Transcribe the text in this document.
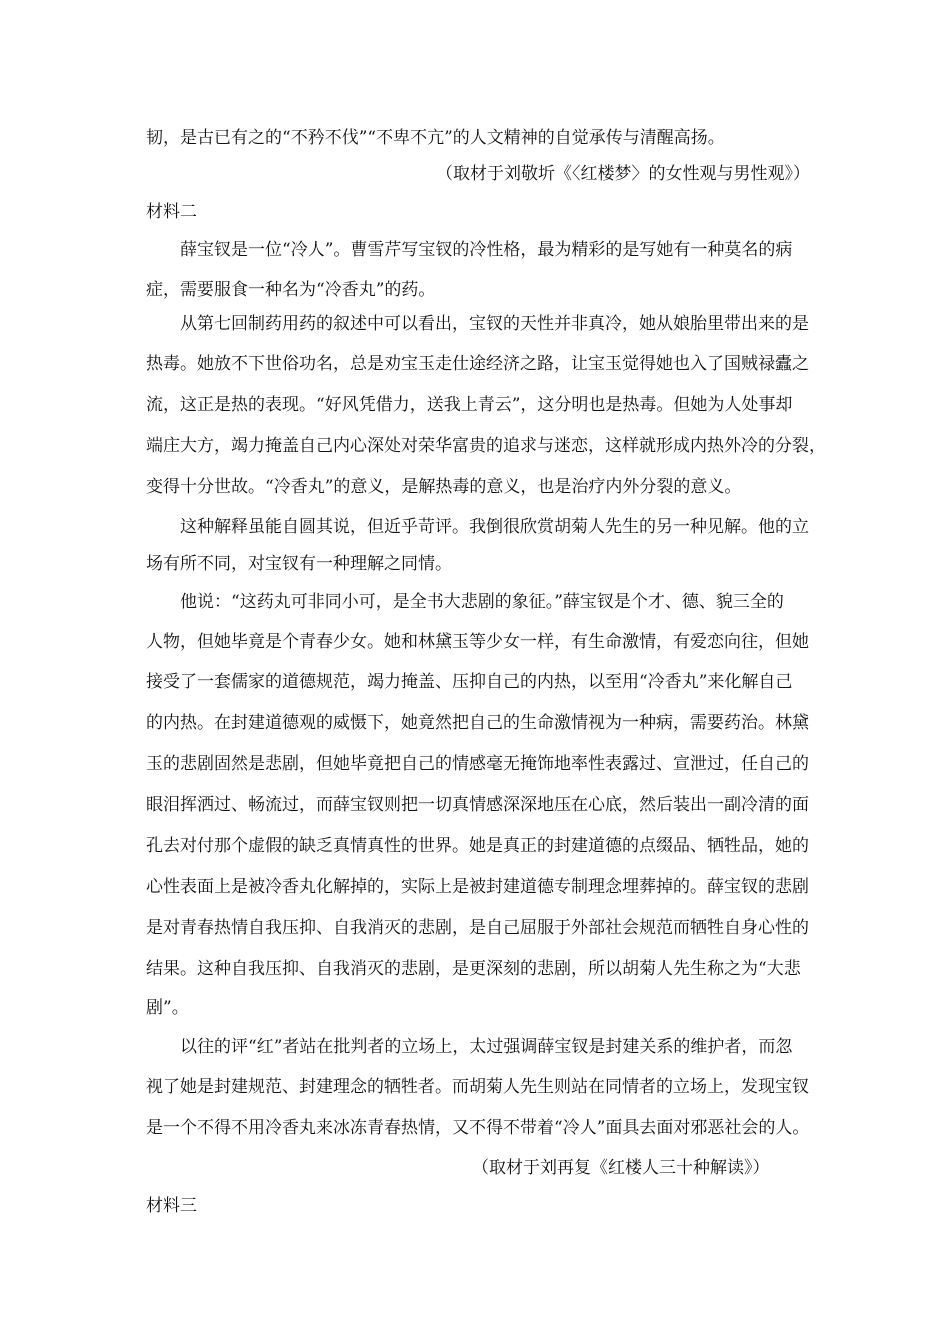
韧，是古已有之的“不矜不伐”“不卑不亢”的人文精神的自觉承传与清醒高扬。
（取材于刘敬圻《〈红楼梦〉的女性观与男性观》）
材料二
薛宝钗是一位“冷人”。曹雪芹写宝钗的冷性格，最为精彩的是写她有一种莫名的病
症，需要服食一种名为“冷香丸”的药。
从第七回制药用药的叙述中可以看出，宝钗的天性并非真冷，她从娘胎里带出来的是
热毒。她放不下世俗功名，总是劝宝玉走仕途经济之路，让宝玉觉得她也入了国贼禄蠹之
流，这正是热的表现。“好风凭借力，送我上青云”，这分明也是热毒。但她为人处事却
端庄大方，竭力掩盖自己内心深处对荣华富贵的追求与迷恋，这样就形成内热外冷的分裂，
变得十分世故。“冷香丸”的意义，是解热毒的意义，也是治疗内外分裂的意义。
这种解释虽能自圆其说，但近乎苛评。我倒很欣赏胡菊人先生的另一种见解。他的立
场有所不同，对宝钗有一种理解之同情。
他说：“这药丸可非同小可，是全书大悲剧的象征。”薛宝钗是个才、德、貌三全的
人物，但她毕竟是个青春少女。她和林黛玉等少女一样，有生命激情，有爱恋向往，但她
接受了一套儒家的道德规范，竭力掩盖、压抑自己的内热，以至用“冷香丸”来化解自己
的内热。在封建道德观的威慑下，她竟然把自己的生命激情视为一种病，需要药治。林黛
玉的悲剧固然是悲剧，但她毕竟把自己的情感毫无掩饰地率性表露过、宣泄过，任自己的
眼泪挥洒过、畅流过，而薛宝钗则把一切真情感深深地压在心底，然后装出一副冷清的面
孔去对付那个虚假的缺乏真情真性的世界。她是真正的封建道德的点缀品、牺牲品，她的
心性表面上是被冷香丸化解掉的，实际上是被封建道德专制理念埋葬掉的。薛宝钗的悲剧
是对青春热情自我压抑、自我消灭的悲剧，是自己屈服于外部社会规范而牺牲自身心性的
结果。这种自我压抑、自我消灭的悲剧，是更深刻的悲剧，所以胡菊人先生称之为“大悲
剧”。
以往的评“红”者站在批判者的立场上，太过强调薛宝钗是封建关系的维护者，而忽
视了她是封建规范、封建理念的牺牲者。而胡菊人先生则站在同情者的立场上，发现宝钗
是一个不得不用冷香丸来冰冻青春热情，又不得不带着“冷人”面具去面对邪恶社会的人。
（取材于刘再复《红楼人三十种解读》）
材料三
